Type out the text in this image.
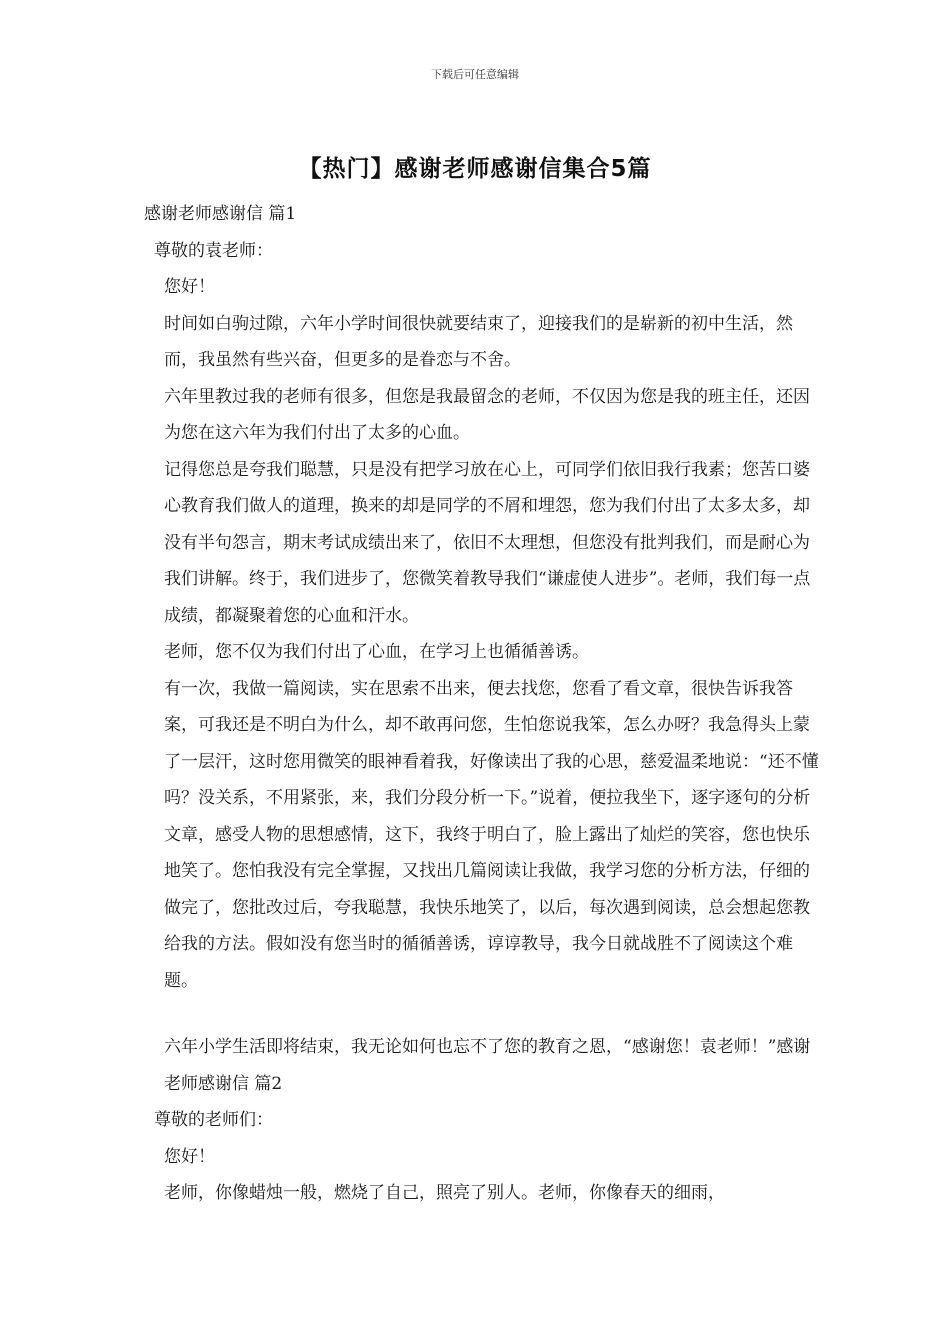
下载后可任意编辑
【热门】感谢老师感谢信集合5篇

感谢老师感谢信 篇1

尊敬的袁老师：

您好！

时间如白驹过隙，六年小学时间很快就要结束了，迎接我们的是崭新的初中生活，然而，我虽然有些兴奋，但更多的是眷恋与不舍。

六年里教过我的老师有很多，但您是我最留念的老师，不仅因为您是我的班主任，还因为您在这六年为我们付出了太多的心血。

记得您总是夸我们聪慧，只是没有把学习放在心上，可同学们依旧我行我素；您苦口婆心教育我们做人的道理，换来的却是同学的不屑和埋怨，您为我们付出了太多太多，却没有半句怨言，期末考试成绩出来了，依旧不太理想，但您没有批判我们，而是耐心为我们讲解。终于，我们进步了，您微笑着教导我们“谦虚使人进步”。老师，我们每一点成绩，都凝聚着您的心血和汗水。

老师，您不仅为我们付出了心血，在学习上也循循善诱。

有一次，我做一篇阅读，实在思索不出来，便去找您，您看了看文章，很快告诉我答案，可我还是不明白为什么，却不敢再问您，生怕您说我笨，怎么办呀？我急得头上蒙了一层汗，这时您用微笑的眼神看着我，好像读出了我的心思，慈爱温柔地说：“还不懂吗？没关系，不用紧张，来，我们分段分析一下。”说着，便拉我坐下，逐字逐句的分析文章，感受人物的思想感情，这下，我终于明白了，脸上露出了灿烂的笑容，您也快乐地笑了。您怕我没有完全掌握，又找出几篇阅读让我做，我学习您的分析方法，仔细的做完了，您批改过后，夸我聪慧，我快乐地笑了，以后，每次遇到阅读，总会想起您教给我的方法。假如没有您当时的循循善诱，谆谆教导，我今日就战胜不了阅读这个难题。

六年小学生活即将结束，我无论如何也忘不了您的教育之恩，“感谢您！袁老师！”感谢老师感谢信 篇2

尊敬的老师们：

您好！

老师，你像蜡烛一般，燃烧了自己，照亮了别人。老师，你像春天的细雨，
